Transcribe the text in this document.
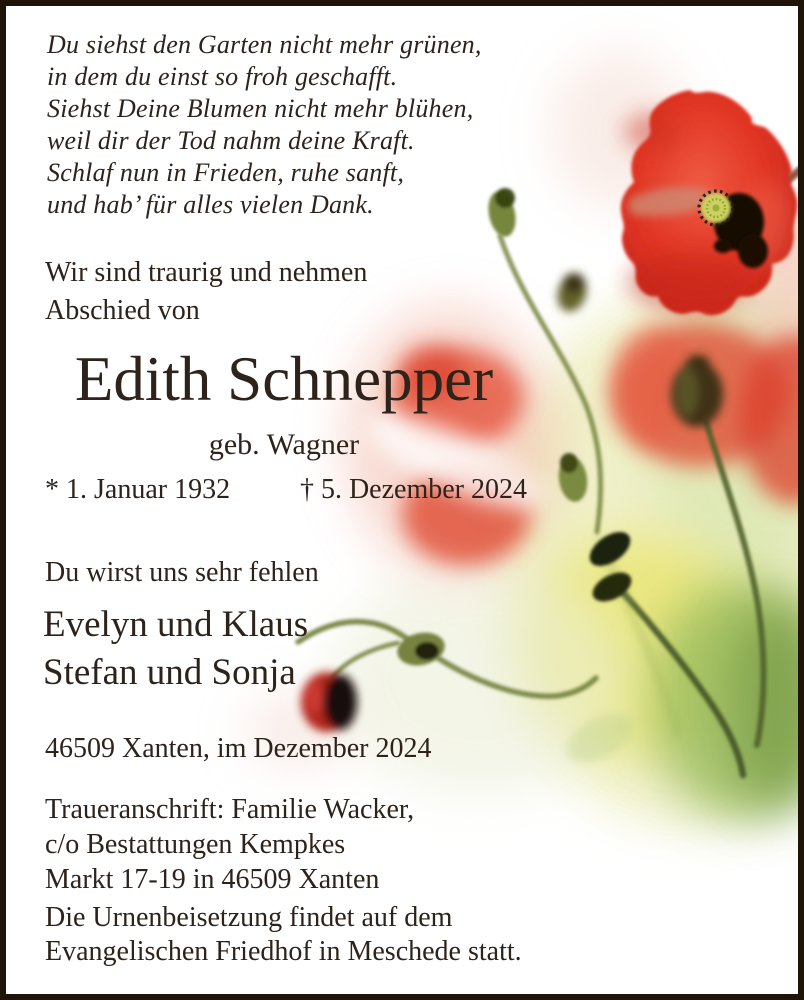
Du siehst den Garten nicht mehr grünen,
in dem du einst so froh geschafft.
Siehst Deine Blumen nicht mehr blühen,
weil dir der Tod nahm deine Kraft.
Schlaf nun in Frieden, ruhe sanft,
und hab’ für alles vielen Dank.
Wir sind traurig und nehmen
Abschied von
Edith Schnepper
geb. Wagner
* 1. Januar 1932 † 5. Dezember 2024
Du wirst uns sehr fehlen
Evelyn und Klaus
Stefan und Sonja
46509 Xanten, im Dezember 2024
Traueranschrift: Familie Wacker,
c/o Bestattungen Kempkes
Markt 17-19 in 46509 Xanten
Die Urnenbeisetzung findet auf dem
Evangelischen Friedhof in Meschede statt.
